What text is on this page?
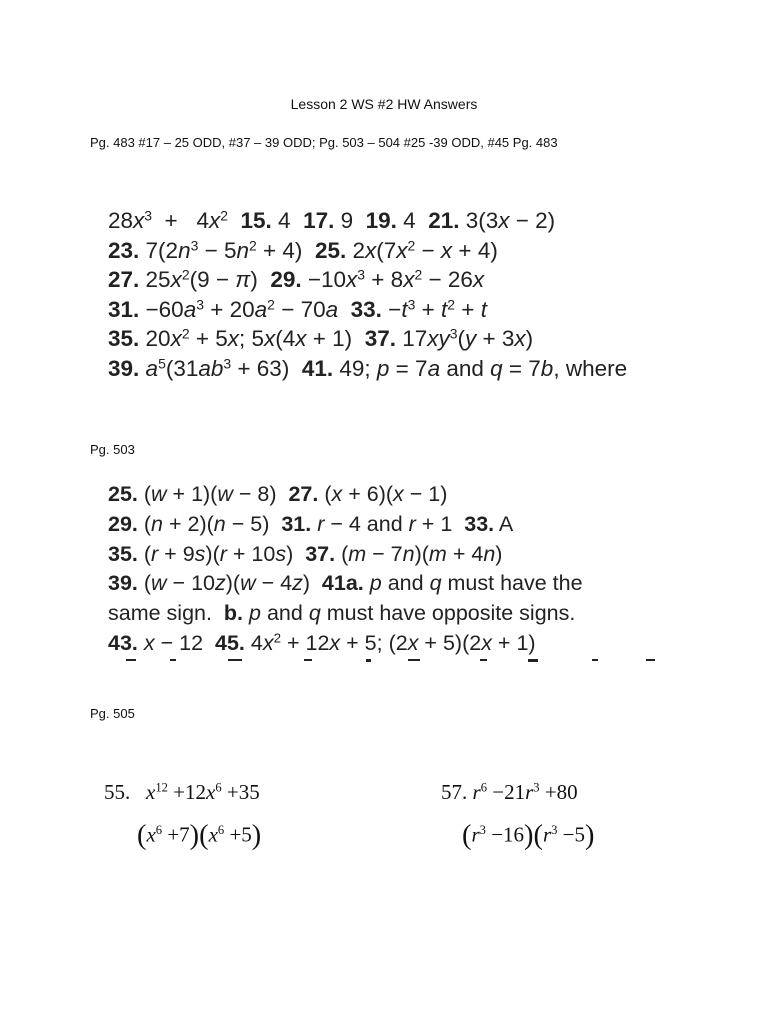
Lesson 2 WS #2 HW Answers
Pg. 483 #17 – 25 ODD, #37 – 39 ODD; Pg. 503 – 504 #25 -39 ODD, #45 Pg. 483
$28x^3 + 4x^2$ 15. 4  17. 9  19. 4  21. 3(3x − 2)
23. $7(2n^3 - 5n^2 + 4)$  25. $2x(7x^2 - x + 4)$
27. $25x^2(9 - \pi)$  29. $-10x^3 + 8x^2 - 26x$
31. $-60a^3 + 20a^2 - 70a$ 33. $-t^3 + t^2 + t$
35. $20x^2 + 5x$; 5x(4x + 1)  37. $17xy^3(y + 3x)$
39. $a^5(31ab^3 + 63)$  41. 49; p = 7a and q = 7b, where
Pg. 503
25. (w + 1)(w − 8)  27. (x + 6)(x − 1)
29. (n + 2)(n − 5)  31. r − 4 and r + 1  33. A
35. (r + 9s)(r + 10s)  37. (m − 7n)(m + 4n)
39. (w − 10z)(w − 4z)  41a. p and q must have the
same sign.  b. p and q must have opposite signs.
43. x − 12  45. $4x^2 + 12x + 5$; (2x + 5)(2x + 1)
Pg. 505
55. $x^{12} +12x^6 +35$
$(x^6 +7)(x^6 +5)$
57. $r^6 -21r^3 +80$
$(r^3 -16)(r^3 -5)$
